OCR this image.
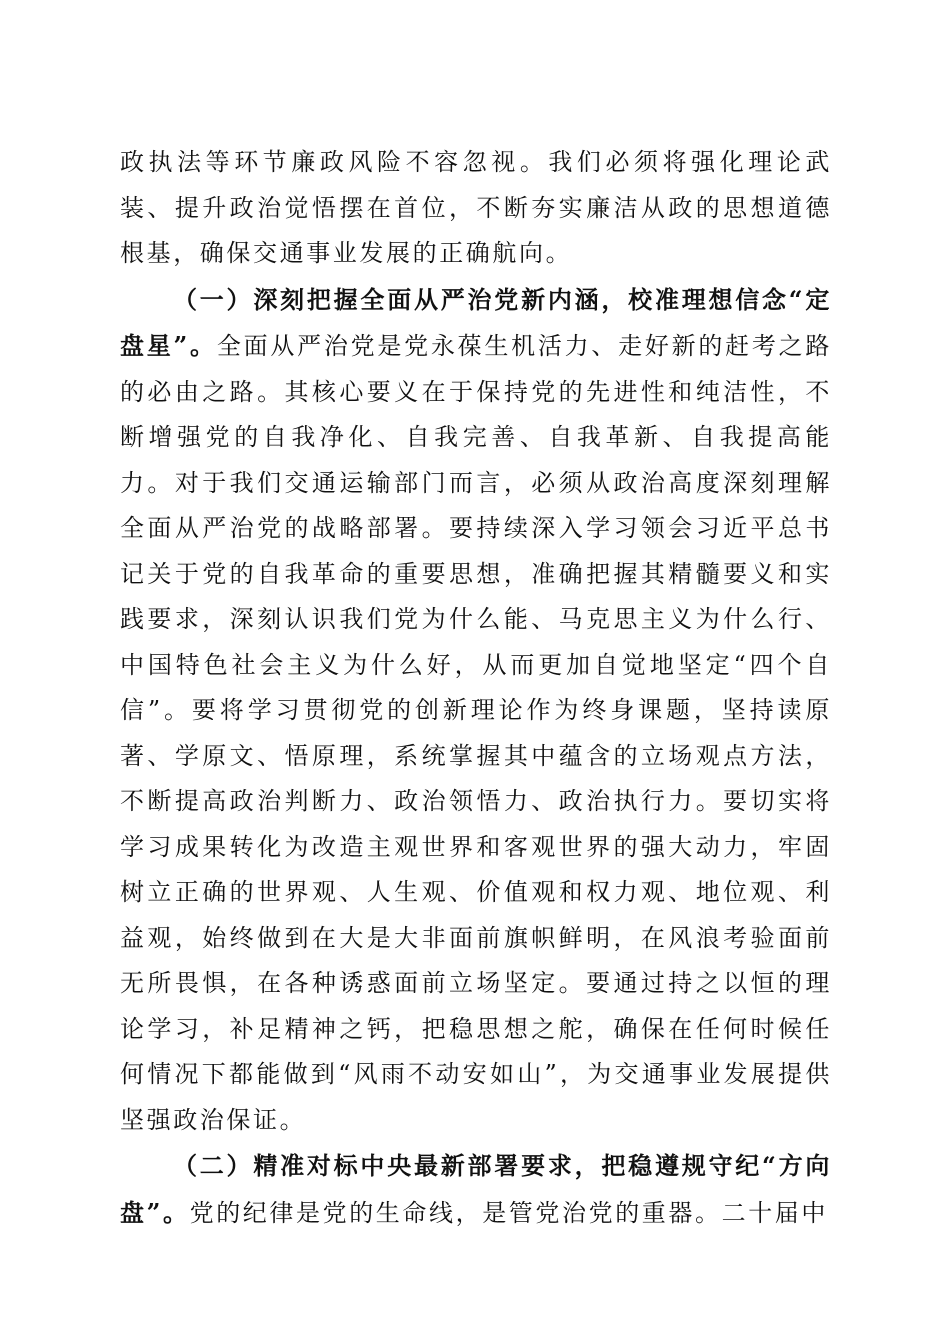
政执法等环节廉政风险不容忽视。我们必须将强化理论武装、提升政治觉悟摆在首位，不断夯实廉洁从政的思想道德根基，确保交通事业发展的正确航向。

（一）深刻把握全面从严治党新内涵，校准理想信念“定盘星”。全面从严治党是党永葆生机活力、走好新的赶考之路的必由之路。其核心要义在于保持党的先进性和纯洁性，不断增强党的自我净化、自我完善、自我革新、自我提高能力。对于我们交通运输部门而言，必须从政治高度深刻理解全面从严治党的战略部署。要持续深入学习领会习近平总书记关于党的自我革命的重要思想，准确把握其精髓要义和实践要求，深刻认识我们党为什么能、马克思主义为什么行、中国特色社会主义为什么好，从而更加自觉地坚定“四个自信”。要将学习贯彻党的创新理论作为终身课题，坚持读原著、学原文、悟原理，系统掌握其中蕴含的立场观点方法，不断提高政治判断力、政治领悟力、政治执行力。要切实将学习成果转化为改造主观世界和客观世界的强大动力，牢固树立正确的世界观、人生观、价值观和权力观、地位观、利益观，始终做到在大是大非面前旗帜鲜明，在风浪考验面前无所畏惧，在各种诱惑面前立场坚定。要通过持之以恒的理论学习，补足精神之钙，把稳思想之舵，确保在任何时候任何情况下都能做到“风雨不动安如山”，为交通事业发展提供坚强政治保证。

（二）精准对标中央最新部署要求，把稳遵规守纪“方向盘”。党的纪律是党的生命线，是管党治党的重器。二十届中
